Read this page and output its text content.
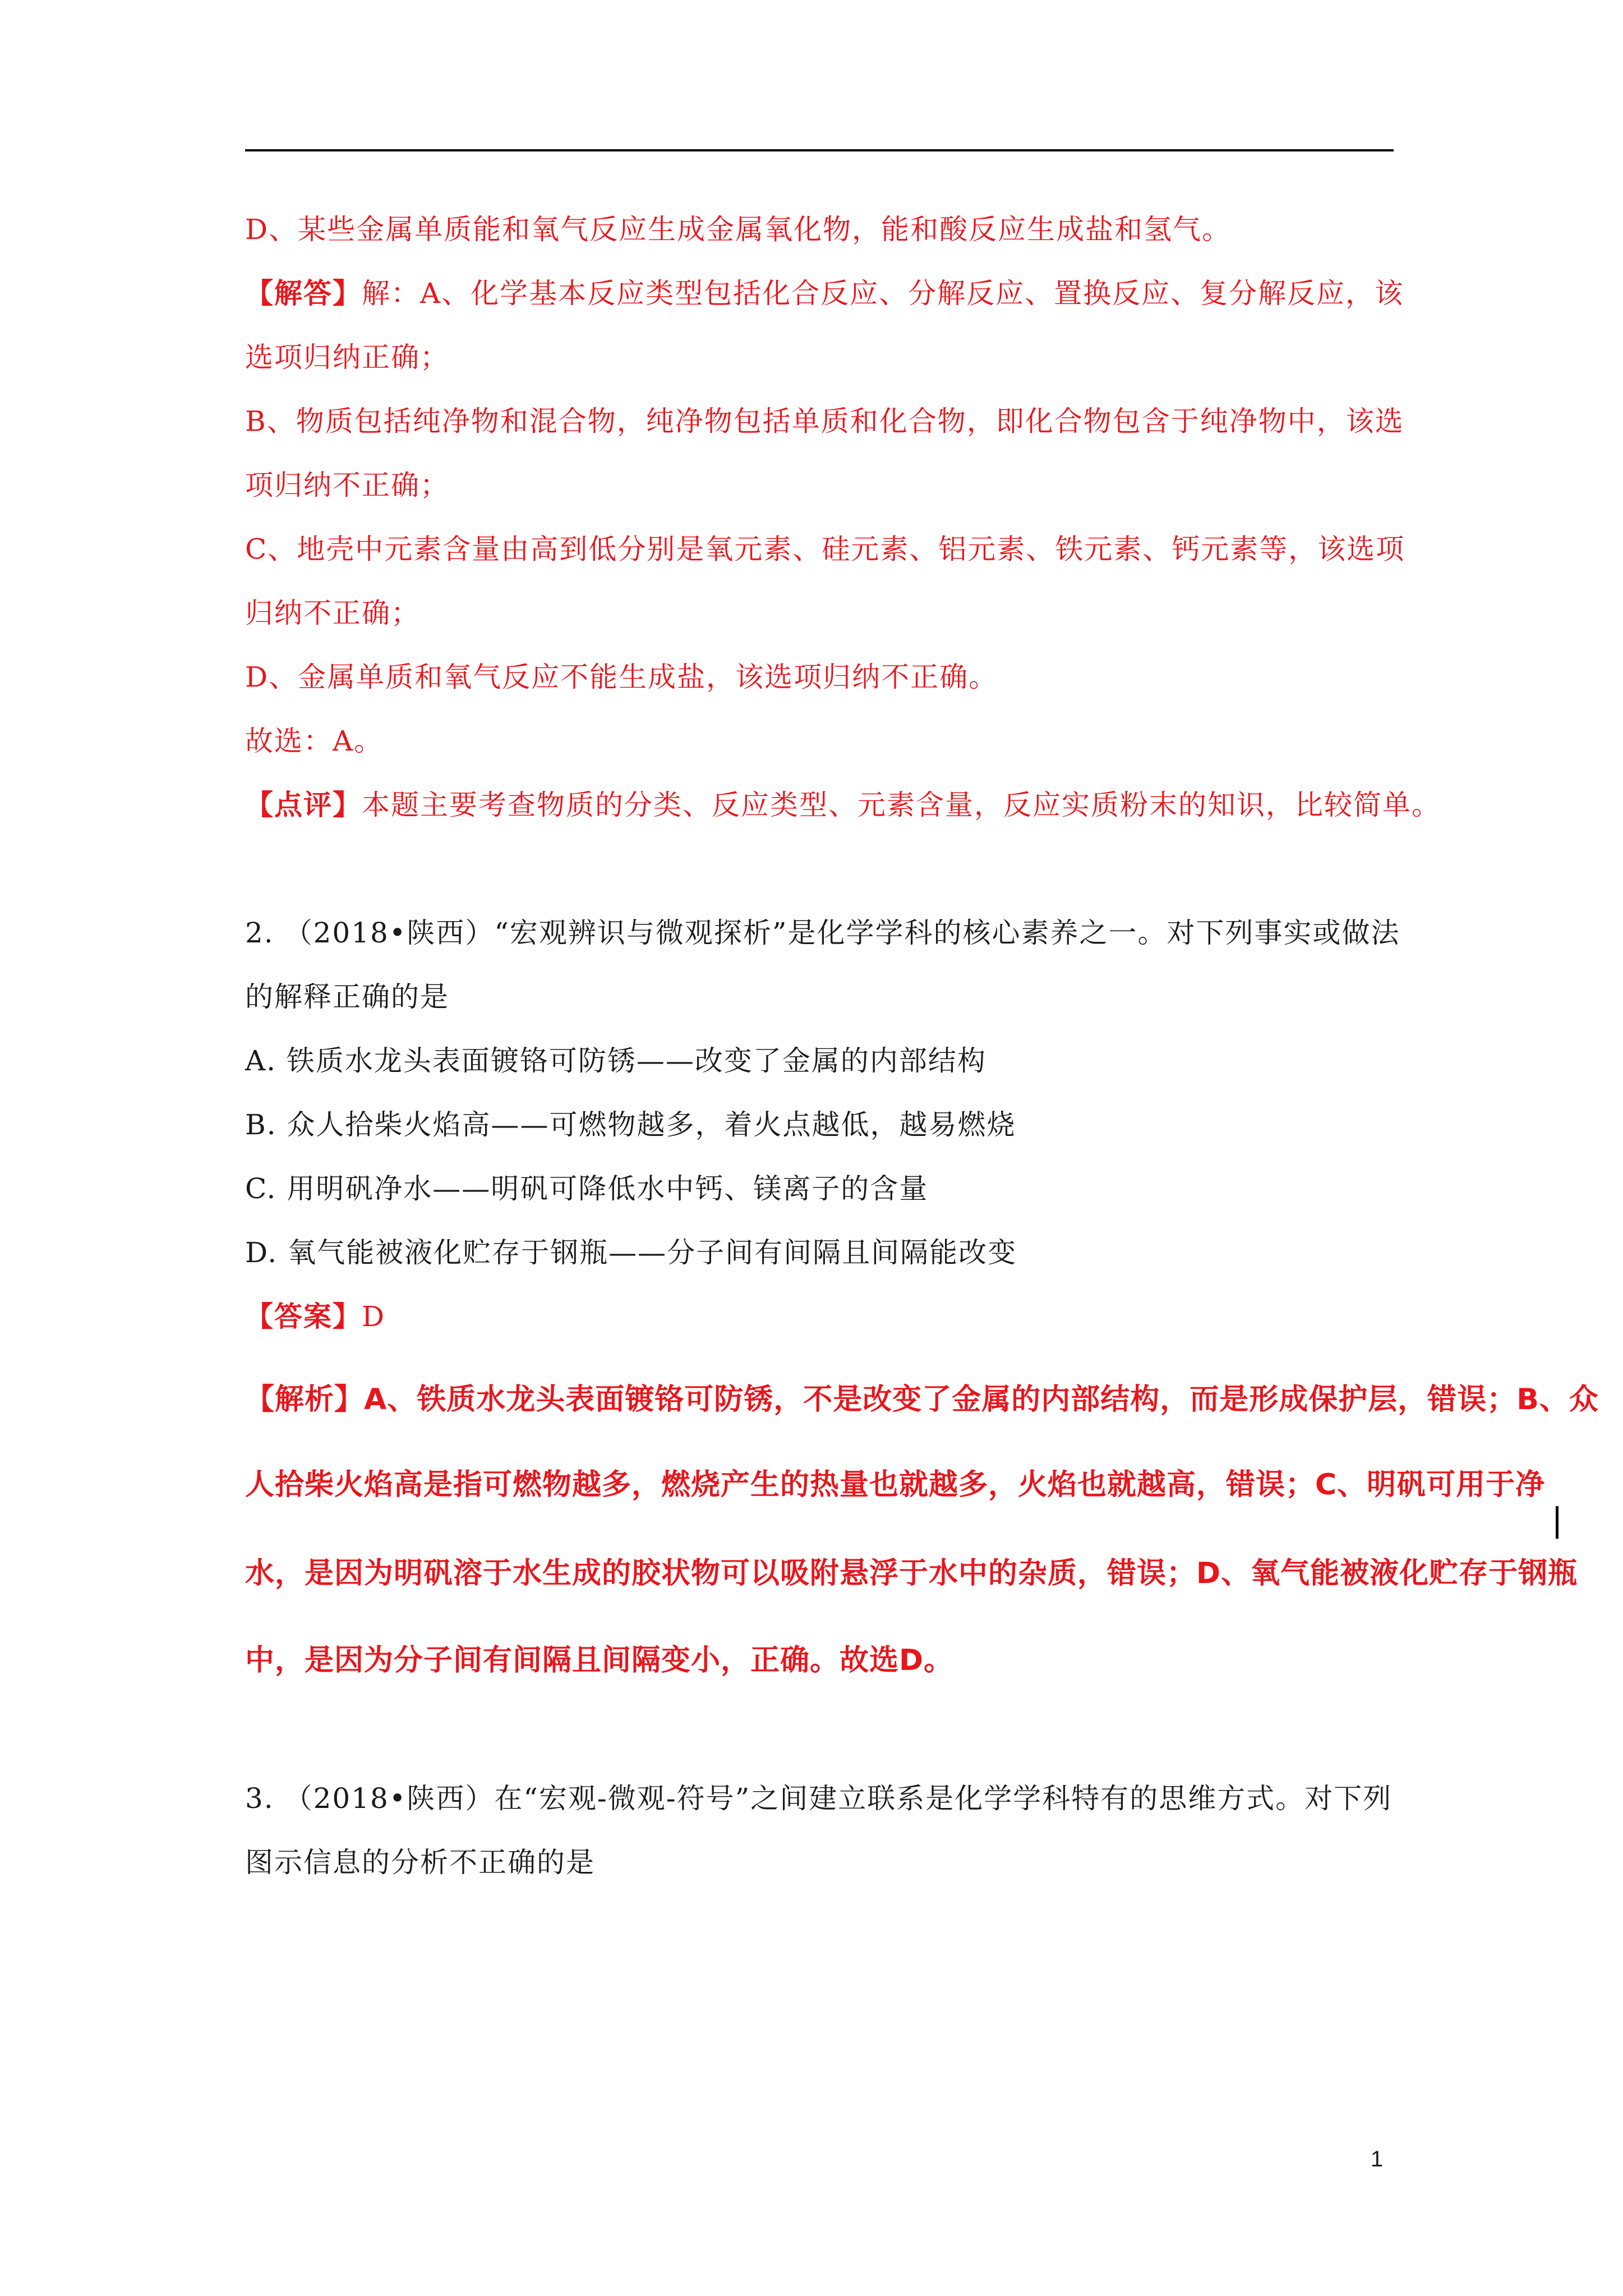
D、某些金属单质能和氧气反应生成金属氧化物，能和酸反应生成盐和氢气。

【解答】解：A、化学基本反应类型包括化合反应、分解反应、置换反应、复分解反应，该

选项归纳正确；

B、物质包括纯净物和混合物，纯净物包括单质和化合物，即化合物包含于纯净物中，该选

项归纳不正确；

C、地壳中元素含量由高到低分别是氧元素、硅元素、铝元素、铁元素、钙元素等，该选项

归纳不正确；

D、金属单质和氧气反应不能生成盐，该选项归纳不正确。

故选：A。

【点评】本题主要考查物质的分类、反应类型、元素含量，反应实质粉末的知识，比较简单。

2. （2018•陕西）“宏观辨识与微观探析”是化学学科的核心素养之一。对下列事实或做法

的解释正确的是

A. 铁质水龙头表面镀铬可防锈——改变了金属的内部结构

B. 众人拾柴火焰高——可燃物越多，着火点越低，越易燃烧

C. 用明矾净水——明矾可降低水中钙、镁离子的含量

D. 氧气能被液化贮存于钢瓶——分子间有间隔且间隔能改变

【答案】D

【解析】A、铁质水龙头表面镀铬可防锈，不是改变了金属的内部结构，而是形成保护层，错误；B、众

人拾柴火焰高是指可燃物越多，燃烧产生的热量也就越多，火焰也就越高，错误；C、明矾可用于净

水，是因为明矾溶于水生成的胶状物可以吸附悬浮于水中的杂质，错误；D、氧气能被液化贮存于钢瓶

中，是因为分子间有间隔且间隔变小，正确。故选D。

3. （2018•陕西）在“宏观-微观-符号”之间建立联系是化学学科特有的思维方式。对下列

图示信息的分析不正确的是

1
